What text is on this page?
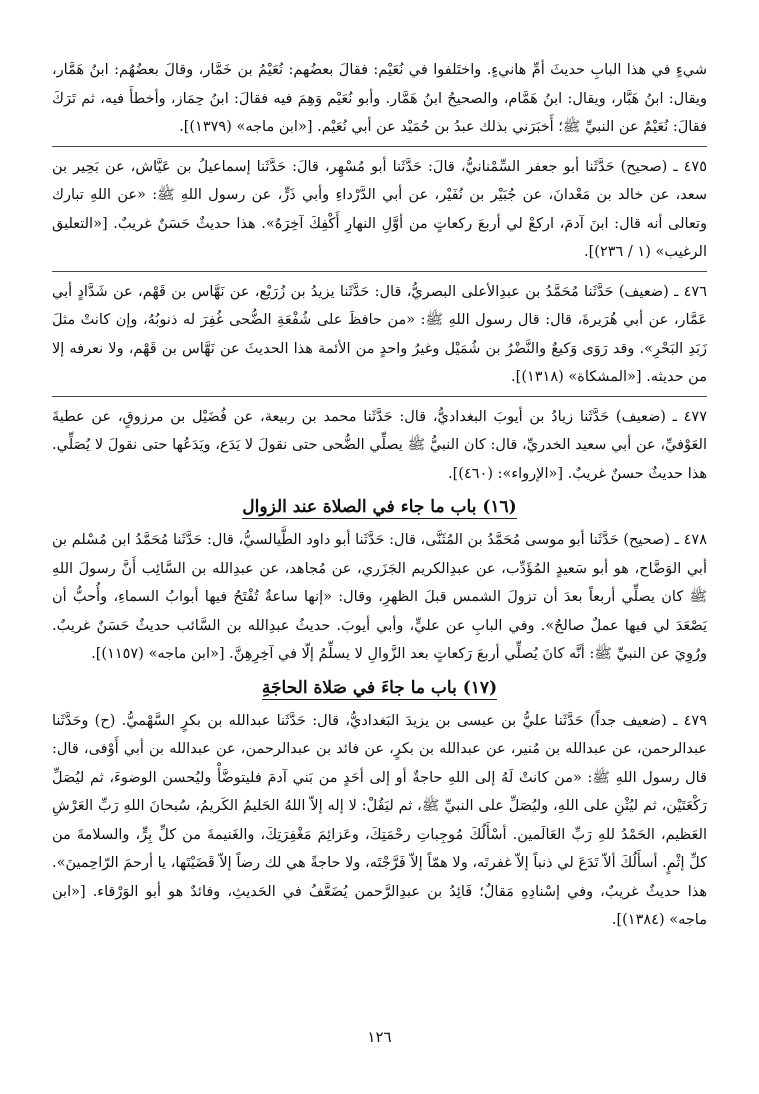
شيءٍ في هذا البابِ حديثَ أمِّ هانيءٍ. واختَلفوا في نُعَيْم: فقالَ بعضُهم: نُعَيْمُ بن خَمَّار، وقالَ بعضُهُم: ابنُ هَمَّار، ويقال: ابنُ هَبَّار، ويقال: ابنُ هَمَّام، والصحيحُ ابنُ هَمَّار. وأبو نُعَيْم وَهِمَ فيه فقالَ: ابنُ حِمَاز، وأخطأَ فيه، ثم تَرَكَ فقالَ: نُعَيْمٌ عن النبيِّ ﷺ؛ أَخبَرَني بذلك عبدُ بن حُمَيْد عن أبي نُعَيْم. [«ابن ماجه» (١٣٧٩)].

٤٧٥ ـ (صحيح) حَدَّثَنا أبو جعفر السِّمْنانيُّ، قالَ: حَدَّثَنا أبو مُسْهِر، قالَ: حَدَّثَنا إسماعيلُ بن عَيَّاش، عن بَحِير بن سعد، عن خالد بن مَعْدانَ، عن جُبَيْر بن نُفَيْر، عن أبي الدَّرْداءِ وأبي ذَرٍّ، عن رسول اللهِ ﷺ: «عن اللهِ تبارك وتعالى أنه قال: ابنَ آدمَ، اركعْ لي أربعَ ركعاتٍ من أوَّلِ النهارِ أَكْفِكَ آخِرَهُ». هذا حديثٌ حَسَنٌ غريبٌ. [«التعليق الرغيب» (١ / ٢٣٦)].

٤٧٦ ـ (ضعيف) حَدَّثَنا مُحَمَّدُ بن عبدِالأعلى البصريُّ، قال: حَدَّثَنا يزيدُ بن زُرَيْع، عن نَهَّاس بن قَهْم، عن شَدَّادٍ أبي عَمَّار، عن أبي هُرَيرةَ، قال: قال رسول اللهِ ﷺ: «من حافظَ على شُفْعَةِ الضُّحى غُفِرَ له ذنوبُهُ، وإن كانتْ مثلَ زَبَدِ البَحْرِ». وقد رَوَى وَكيعٌ والنَّضْرُ بن شُمَيْل وغيرُ واحدٍ من الأئمة هذا الحديثَ عن نَهَّاس بن قَهْم، ولا نعرفه إلا من حديثه. [«المشكاة» (١٣١٨)].

٤٧٧ ـ (ضعيف) حَدَّثَنا زيادُ بن أيوبَ البغداديُّ، قال: حَدَّثَنا محمد بن ربيعة، عن فُضَيْل بن مرزوقٍ، عن عطيةَ العَوْفيِّ، عن أبي سعيد الخدريِّ، قال: كان النبيُّ ﷺ يصلِّي الضُّحى حتى نقولَ لا يَدَع، ويَدَعُها حتى نقولَ لا يُصَلِّي. هذا حديثٌ حسنٌ غريبٌ. [«الإرواء»: (٤٦٠)].

(١٦) باب ما جاء في الصلاة عند الزوال

٤٧٨ ـ (صحيح) حَدَّثَنا أبو موسى مُحَمَّدُ بن المُثَنَّى، قال: حَدَّثَنا أبو داود الطَّيالسيُّ، قال: حَدَّثَنا مُحَمَّدُ ابن مُسْلم بن أبي الوَضَّاح، هو أبو سَعيدٍ المُؤَدِّب، عن عبدِالكريم الجَزَري، عن مُجاهد، عن عبدِالله بن السَّائِب أَنَّ رسولَ اللهِ ﷺ كان يصلِّي أربعاً بعدَ أن تزولَ الشمس قبلَ الظهرِ، وقال: «إنها ساعةٌ تُفْتَحُ فيها أبوابُ السماءِ، وأُحبُّ أن يَصْعَدَ لي فيها عملٌ صالحٌ». وفي البابِ عن عليٍّ، وأبي أيوبَ. حديثُ عبدِالله بن السَّائب حديثٌ حَسَنٌ غريبٌ. ورُوِيَ عن النبيِّ ﷺ: أنَّه كانَ يُصلِّي أربعَ رَكعاتٍ بعد الزَّوالِ لا يسلِّمُ إلّا في آخِرِهِنَّ. [«ابن ماجه» (١١٥٧)].

(١٧) باب ما جاءَ في صَلاة الحاجَةِ

٤٧٩ ـ (ضعيف جداً) حَدَّثَنا عليُّ بن عيسى بن يزيدَ البَغداديُّ، قال: حَدَّثَنا عبدالله بن بكرٍ السَّهْميُّ. (ح) وحَدَّثَنا عبدالرحمن، عن عبدالله بن مُنير، عن عبدالله بن بكرٍ، عن فائد بن عبدالرحمن، عن عبدالله بن أبي أَوْفى، قال: قال رسول اللهِ ﷺ: «من كانتْ لَهُ إلى اللهِ حاجةٌ أو إلى أحَدٍ من بَني آدمَ فليتوضَّأْ وليُحسن الوضوءَ، ثم ليُصَلِّ رَكْعَتَيْن، ثم ليُثْنِ على اللهِ، وليُصَلِّ على النبيِّ ﷺ، ثم ليَقُلْ: لا إله إلاّ اللهُ الحَليمُ الكَريمُ، سُبحانَ اللهِ رَبِّ العَرْشِ العَظيم، الحَمْدُ للهِ رَبِّ العَالَمين. أسْأَلُكَ مُوجِباتِ رحْمَتِكَ، وعَزائِمَ مَغْفِرَتِكَ، والغَنيمةَ من كلِّ بِرٍّ، والسلامةَ من كلِّ إثْمٍ. أسأَلُكَ ألاّ تَدَعَ لي ذنباً إلاّ غفرتَه، ولا همّاً إلاّ فَرَّجْتَه، ولا حاجةً هي لك رضاً إلاّ قَضَيْتَها، يا أرحمَ الرّاحِمينَ». هذا حديثٌ غريبٌ، وفي إسْنادِهِ مَقالٌ؛ فَائِدُ بن عبدِالرَّحمن يُضَعَّفُ في الحَديثِ، وفائدٌ هو أبو الوَرْقاء. [«ابن ماجه» (١٣٨٤)].

١٢٦
